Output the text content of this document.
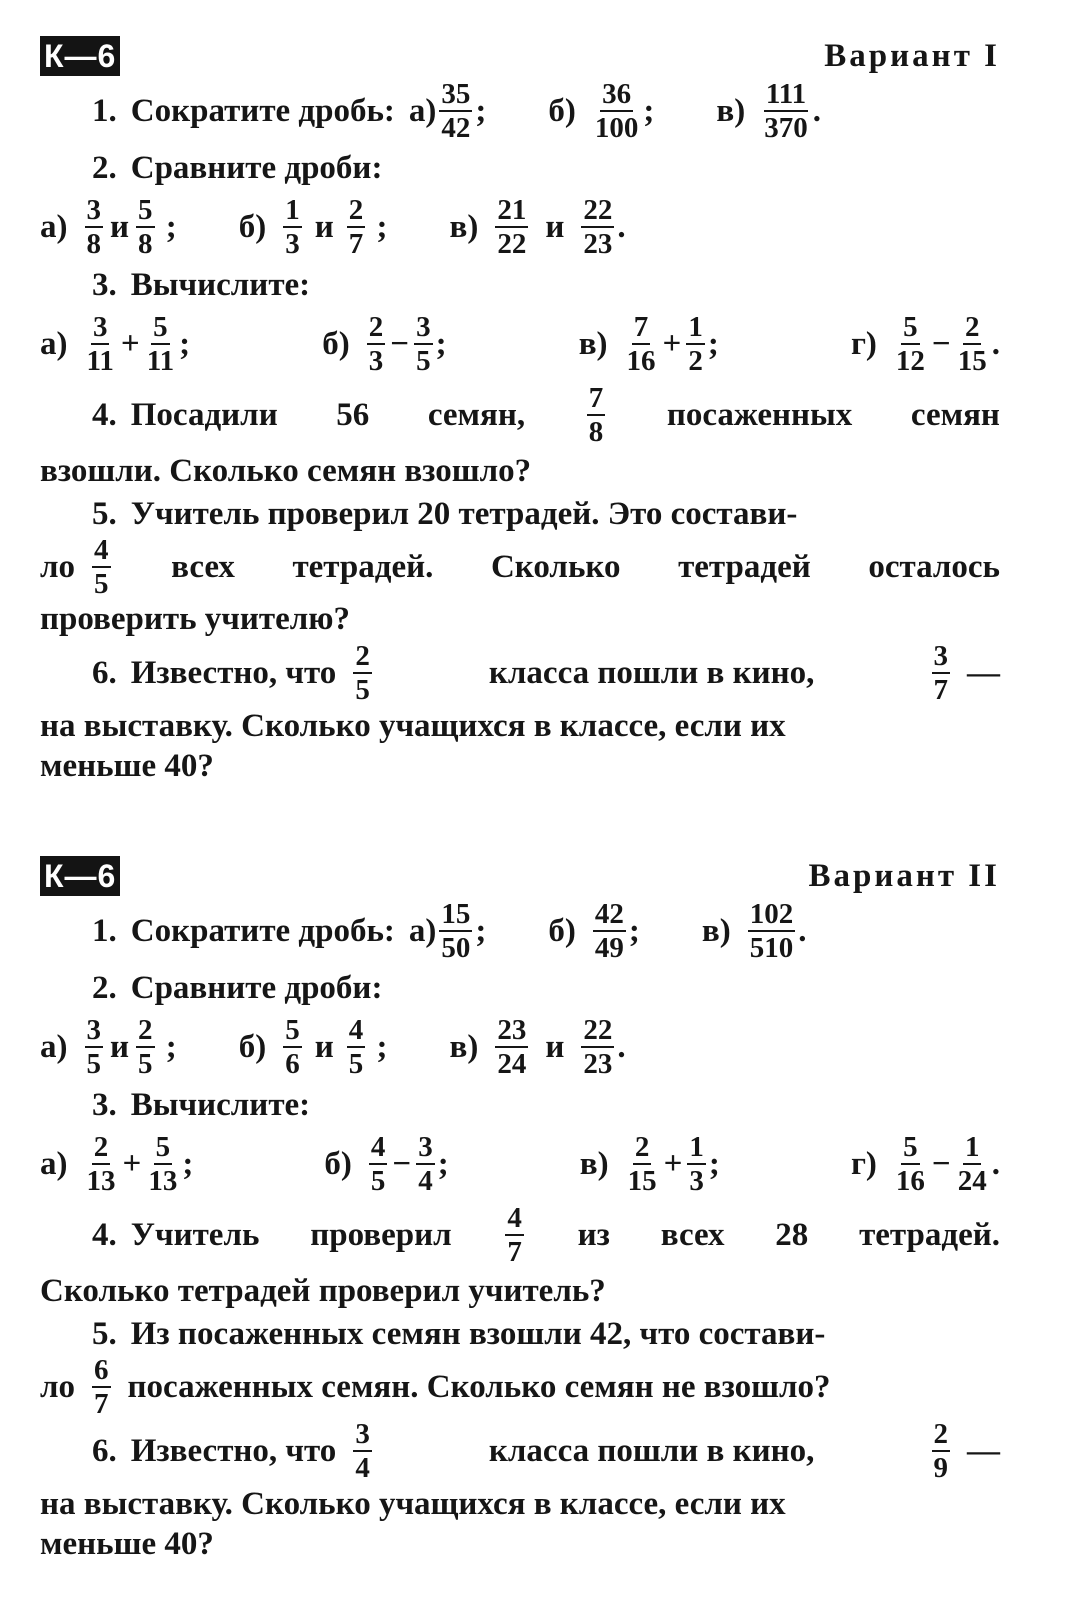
К—6	Вариант I
1. Сократите дробь: $а) \frac{35}{42}$ ; $б) \frac{36}{100}$ ; $в) \frac{111}{370}$ .
2. Сравните дроби:
$а) \frac{3}{8}$ и $\frac{5}{8}$ ; $б) \frac{1}{3}$ и $\frac{2}{7}$ ; $в) \frac{21}{22}$ и $\frac{22}{23}$ .
3. Вычислите:
$а) \frac{3}{11} + \frac{5}{11}$ ;	$б) \frac{2}{3} - \frac{3}{5}$ ;	$в) \frac{7}{16} + \frac{1}{2}$ ;	$г) \frac{5}{12} - \frac{2}{15}$ .
4. Посадили 56 семян, $\frac{7}{8}$ посаженных семян
взошли. Сколько семян взошло?
5. Учитель проверил 20 тетрадей. Это состави-
ло $\frac{4}{5}$ всех тетрадей. Сколько тетрадей осталось
проверить учителю?
6. Известно, что $\frac{2}{5}$	класса пошли в кино,	$\frac{3}{7}$ —
на выставку. Сколько учащихся в классе, если их
меньше 40?
К—6	Вариант II
1. Сократите дробь: $а) \frac{15}{50}$ ; $б) \frac{42}{49}$ ; $в) \frac{102}{510}$ .
2. Сравните дроби:
$а) \frac{3}{5}$ и $\frac{2}{5}$ ; $б) \frac{5}{6}$ и $\frac{4}{5}$ ; $в) \frac{23}{24}$ и $\frac{22}{23}$ .
3. Вычислите:
$а) \frac{2}{13} + \frac{5}{13}$ ;	$б) \frac{4}{5} - \frac{3}{4}$ ;	$в) \frac{2}{15} + \frac{1}{3}$ ;	$г) \frac{5}{16} - \frac{1}{24}$ .
4. Учитель проверил $\frac{4}{7}$ из всех 28 тетрадей.
Сколько тетрадей проверил учитель?
5. Из посаженных семян взошли 42, что состави-
ло $\frac{6}{7}$ посаженных семян. Сколько семян не взошло?
6. Известно, что $\frac{3}{4}$	класса пошли в кино,	$\frac{2}{9}$ —
на выставку. Сколько учащихся в классе, если их
меньше 40?
